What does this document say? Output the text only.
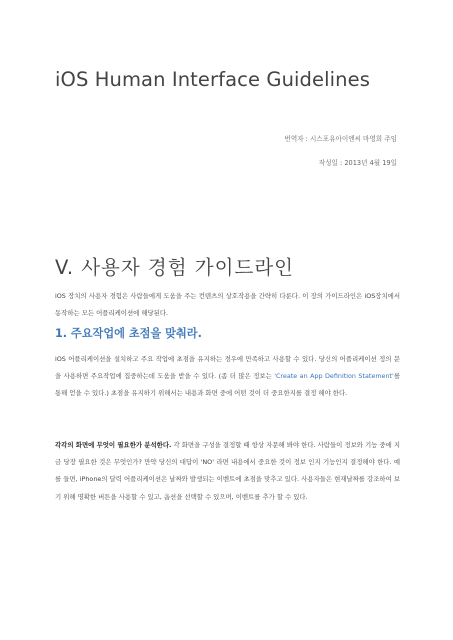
iOS Human Interface Guidelines
번역자 : 시스포유아이엔씨 마영희 주임
작성일 : 2013년 4월 19일
V. 사용자 경험 가이드라인

iOS 장치의 사용자 경험은 사람들에게 도움을 주는 컨텐츠의 상호작용을 간략히 다룬다. 이 장의 가이드라인은 iOS장치에서 동작하는 모든 어플리케이션에 해당된다.

1. 주요작업에 초점을 맞춰라.

iOS 어플리케이션을 설치하고 주요 작업에 초점을 유지하는 경우에 만족하고 사용할 수 있다. 당신의 어플리케이션 정의 문을 사용하면 주요작업에 집중하는데 도움을 받을 수 있다. (좀 더 많은 정보는 'Create an App Definition Statement'를 통해 얻을 수 있다.) 초점을 유지하기 위해서는 내용과 화면 중에 어떤 것이 더 중요한지를 결정 해야 한다.

각각의 화면에 무엇이 필요한가 분석한다. 각 화면을 구성을 결정할 때 항상 자문해 봐야 한다. 사람들이 정보와 기능 중에 지금 당장 필요한 것은 무엇인가? 만약 당신의 대답이 'NO' 라면 내용에서 중요한 것이 정보 인지 기능인지 결정해야 한다. 예를 들면, iPhone의 달력 어플리케이션은 날짜와 발생되는 이벤트에 초점을 맞추고 있다. 사용자들은 현재날짜를 강조하여 보기 위해 명확한 버튼을 사용할 수 있고, 옵션을 선택할 수 있으며, 이벤트를 추가 할 수 있다.
